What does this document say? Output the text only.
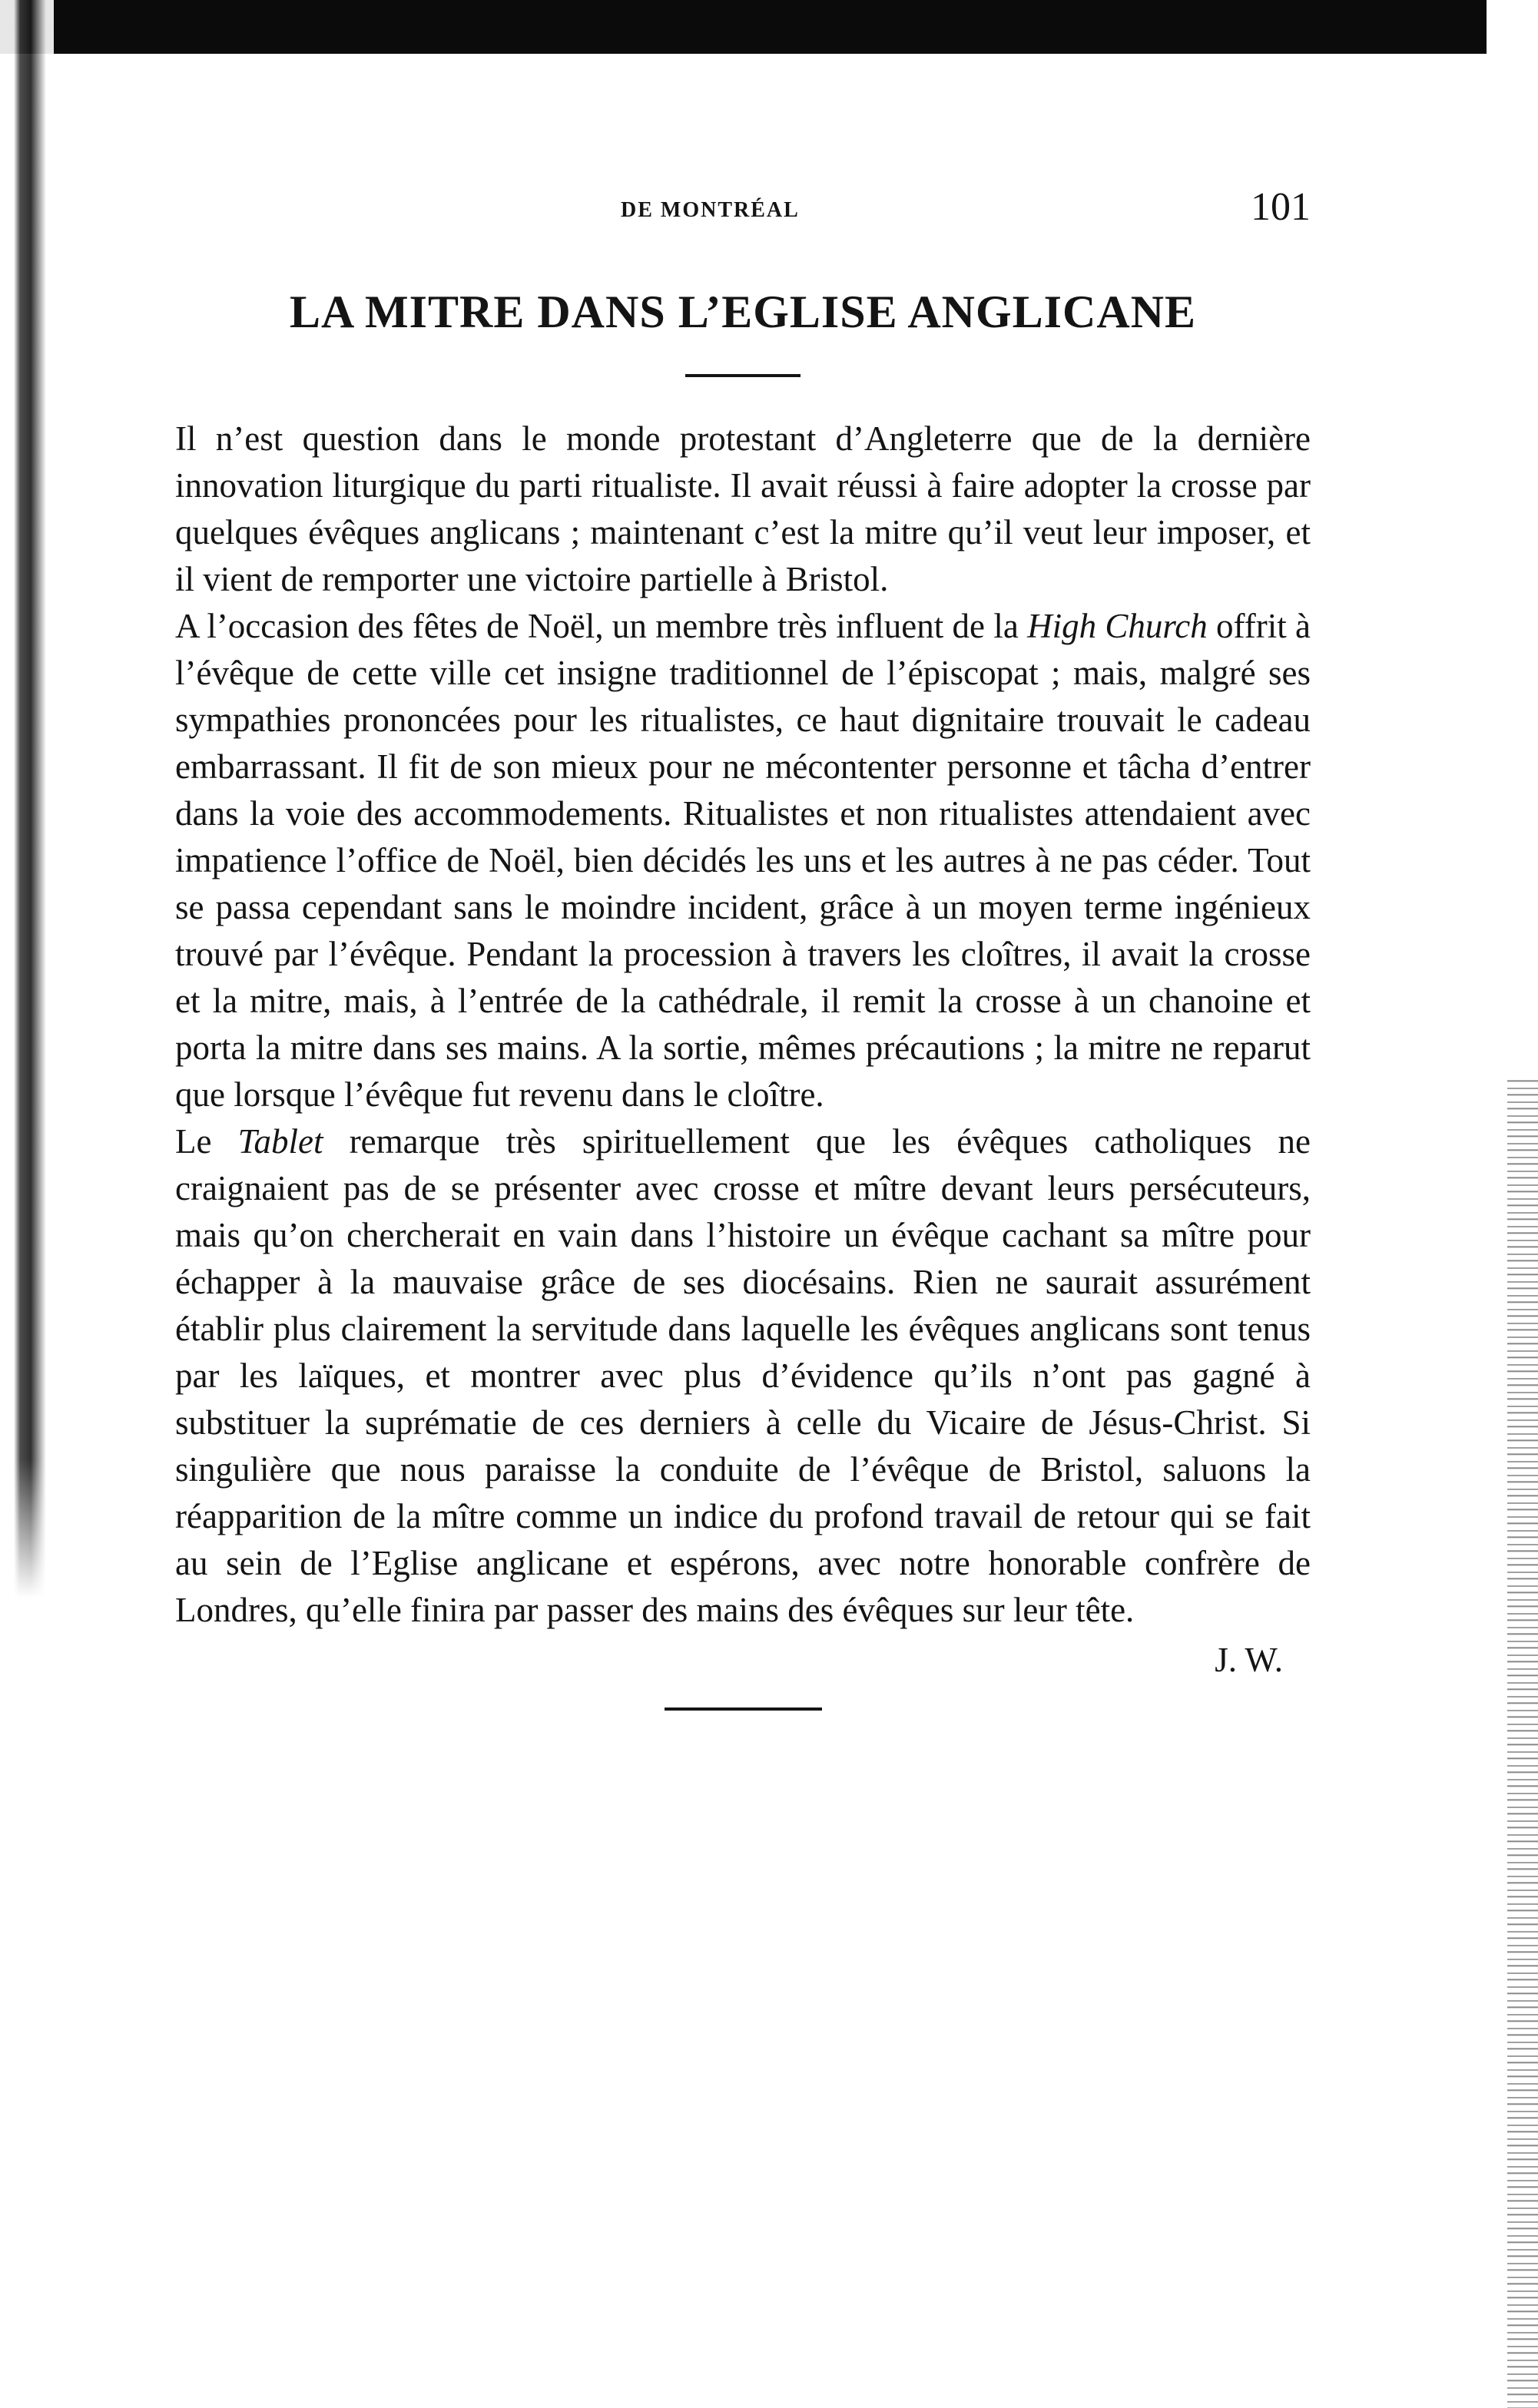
DE MONTRÉAL	101
LA MITRE DANS L’EGLISE ANGLICANE

Il n’est question dans le monde protestant d’Angleterre que de la dernière innovation liturgique du parti ritualiste. Il avait réussi à faire adopter la crosse par quelques évêques anglicans ; maintenant c’est la mitre qu’il veut leur imposer, et il vient de remporter une victoire partielle à Bristol.

A l’occasion des fêtes de Noël, un membre très influent de la High Church offrit à l’évêque de cette ville cet insigne traditionnel de l’épiscopat ; mais, malgré ses sympathies prononcées pour les ritualistes, ce haut dignitaire trouvait le cadeau embarrassant. Il fit de son mieux pour ne mécontenter personne et tâcha d’entrer dans la voie des accommodements. Ritualistes et non ritualistes attendaient avec impatience l’office de Noël, bien décidés les uns et les autres à ne pas céder. Tout se passa cependant sans le moindre incident, grâce à un moyen terme ingénieux trouvé par l’évêque. Pendant la procession à travers les cloîtres, il avait la crosse et la mitre, mais, à l’entrée de la cathédrale, il remit la crosse à un chanoine et porta la mitre dans ses mains. A la sortie, mêmes précautions ; la mitre ne reparut que lorsque l’évêque fut revenu dans le cloître.

Le Tablet remarque très spirituellement que les évêques catholiques ne craignaient pas de se présenter avec crosse et mître devant leurs persécuteurs, mais qu’on chercherait en vain dans l’histoire un évêque cachant sa mître pour échapper à la mauvaise grâce de ses diocésains. Rien ne saurait assurément établir plus clairement la servitude dans laquelle les évêques anglicans sont tenus par les laïques, et montrer avec plus d’évidence qu’ils n’ont pas gagné à substituer la suprématie de ces derniers à celle du Vicaire de Jésus-Christ. Si singulière que nous paraisse la conduite de l’évêque de Bristol, saluons la réapparition de la mître comme un indice du profond travail de retour qui se fait au sein de l’Eglise anglicane et espérons, avec notre honorable confrère de Londres, qu’elle finira par passer des mains des évêques sur leur tête.

J. W.
